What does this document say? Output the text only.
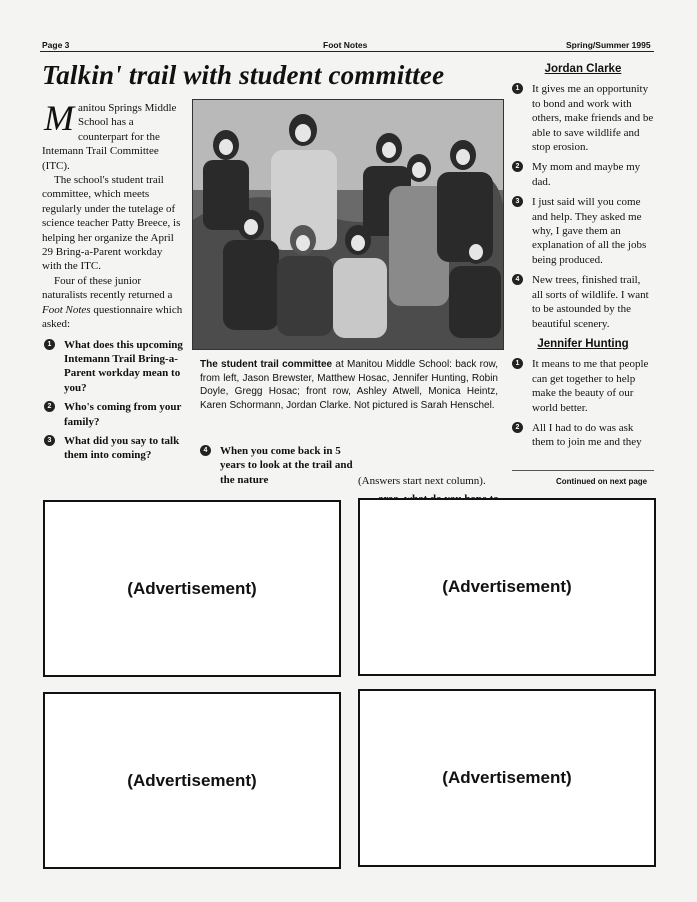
Page 3	Foot Notes	Spring/Summer 1995
Talkin' trail with student committee

Manitou Springs Middle School has a counterpart for the Intemann Trail Committee (ITC).

The school's student trail committee, which meets regularly under the tutelage of science teacher Patty Breece, is helping her organize the April 29 Bring-a-Parent workday with the ITC.

Four of these junior naturalists recently returned a Foot Notes questionnaire which asked:

1	What does this upcoming Intemann Trail Bring-a-Parent workday mean to you?
2	Who's coming from your family?
3	What did you say to talk them into coming?
The student trail committee at Manitou Middle School: back row, from left, Jason Brewster, Matthew Hosac, Jennifer Hunting, Robin Doyle, Gregg Hosac; front row, Ashley Atwell, Monica Heintz, Karen Schormann, Jordan Clarke. Not pictured is Sarah Henschel.
4	When you come back in 5 years to look at the trail and the nature	(Answers start next column).
Jordan Clarke
1	It gives me an opportunity to bond and work with others, make friends and be able to save wildlife and stop erosion.
2	My mom and maybe my dad.
3	I just said will you come and help. They asked me why, I gave them an explanation of all the jobs being produced.
4	New trees, finished trail, all sorts of wildlife. I want to be astounded by the beautiful scenery.
Jennifer Hunting
1	It means to me that people can get together to help make the beauty of our world better.
2	All I had to do was ask them to join me and they
Continued on next page
(Advertisement)	(Advertisement)
(Advertisement)	(Advertisement)
